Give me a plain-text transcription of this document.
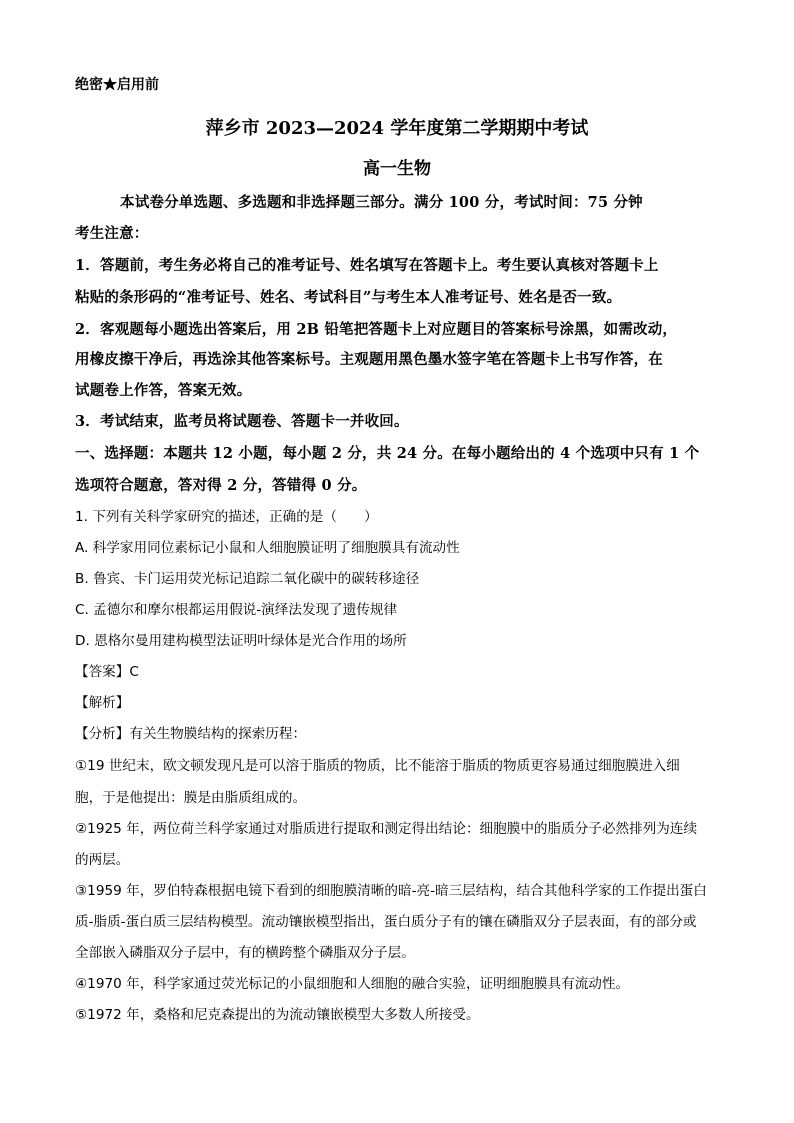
绝密★启用前
萍乡市 2023—2024 学年度第二学期期中考试
高一生物
本试卷分单选题、多选题和非选择题三部分。满分 100 分，考试时间：75 分钟
考生注意：
1．答题前，考生务必将自己的准考证号、姓名填写在答题卡上。考生要认真核对答题卡上
粘贴的条形码的“准考证号、姓名、考试科目”与考生本人准考证号、姓名是否一致。
2．客观题每小题选出答案后，用 2B 铅笔把答题卡上对应题目的答案标号涂黑，如需改动，
用橡皮擦干净后，再选涂其他答案标号。主观题用黑色墨水签字笔在答题卡上书写作答，在
试题卷上作答，答案无效。
3．考试结束，监考员将试题卷、答题卡一并收回。
一、选择题：本题共 12 小题，每小题 2 分，共 24 分。在每小题给出的 4 个选项中只有 1 个
选项符合题意，答对得 2 分，答错得 0 分。
1. 下列有关科学家研究的描述，正确的是（　　）
A. 科学家用同位素标记小鼠和人细胞膜证明了细胞膜具有流动性
B. 鲁宾、卡门运用荧光标记追踪二氧化碳中的碳转移途径
C. 孟德尔和摩尔根都运用假说-演绎法发现了遗传规律
D. 恩格尔曼用建构模型法证明叶绿体是光合作用的场所
【答案】C
【解析】
【分析】有关生物膜结构的探索历程：
①19 世纪末，欧文顿发现凡是可以溶于脂质的物质，比不能溶于脂质的物质更容易通过细胞膜进入细
胞，于是他提出：膜是由脂质组成的。
②1925 年，两位荷兰科学家通过对脂质进行提取和测定得出结论：细胞膜中的脂质分子必然排列为连续
的两层。
③1959 年，罗伯特森根据电镜下看到的细胞膜清晰的暗-亮-暗三层结构，结合其他科学家的工作提出蛋白
质-脂质-蛋白质三层结构模型。流动镶嵌模型指出，蛋白质分子有的镶在磷脂双分子层表面，有的部分或
全部嵌入磷脂双分子层中，有的横跨整个磷脂双分子层。
④1970 年，科学家通过荧光标记的小鼠细胞和人细胞的融合实验，证明细胞膜具有流动性。
⑤1972 年，桑格和尼克森提出的为流动镶嵌模型大多数人所接受。
